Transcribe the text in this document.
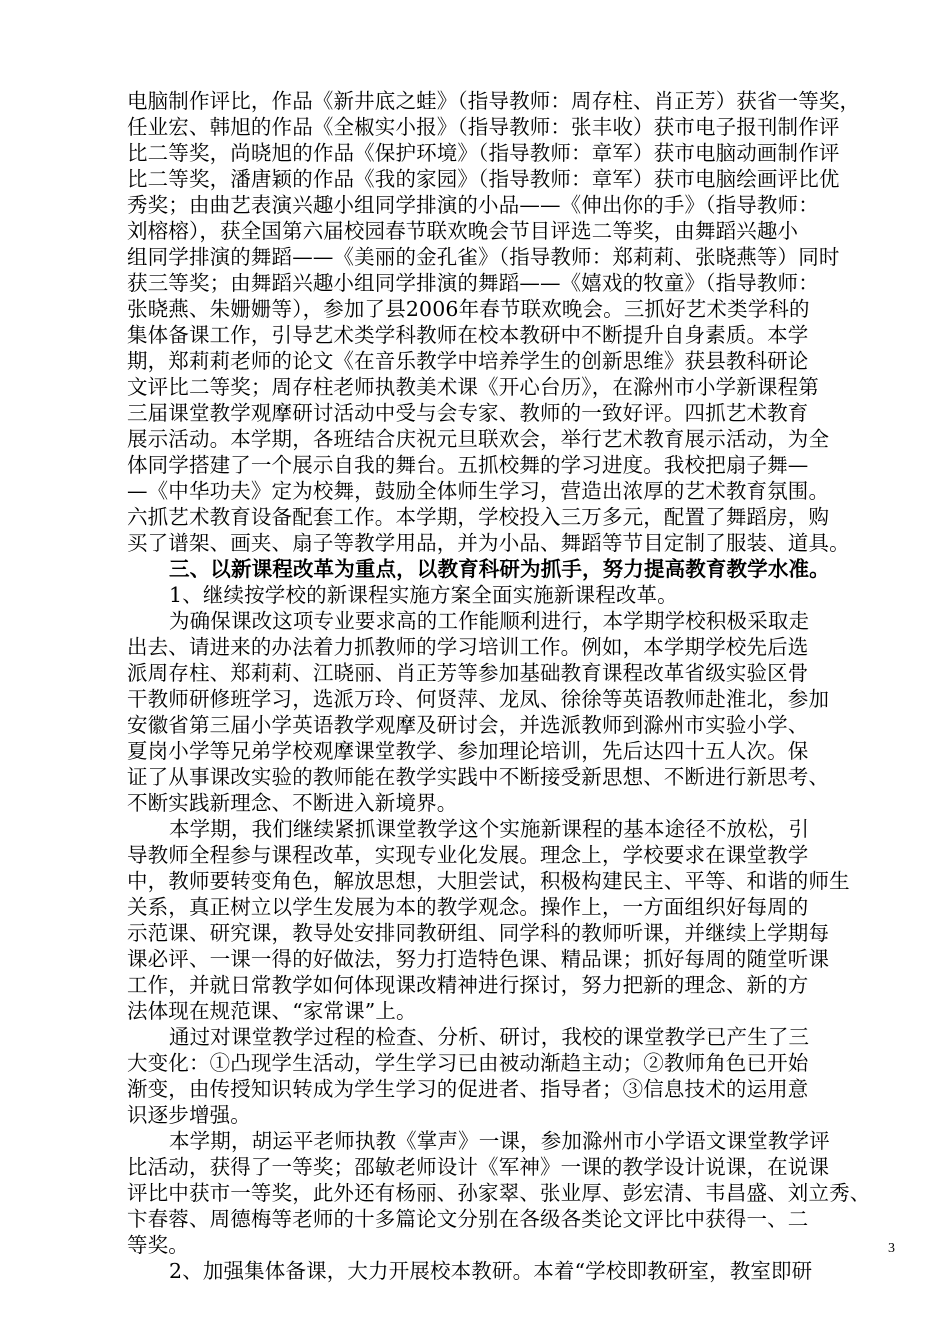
电脑制作评比，作品《新井底之蛙》（指导教师：周存柱、肖正芳）获省一等奖，
任业宏、韩旭的作品《全椒实小报》（指导教师：张丰收）获市电子报刊制作评
比二等奖，尚晓旭的作品《保护环境》（指导教师：章军）获市电脑动画制作评
比二等奖，潘唐颖的作品《我的家园》（指导教师：章军）获市电脑绘画评比优
秀奖；由曲艺表演兴趣小组同学排演的小品——《伸出你的手》（指导教师：
刘榕榕），获全国第六届校园春节联欢晚会节目评选二等奖，由舞蹈兴趣小
组同学排演的舞蹈——《美丽的金孔雀》（指导教师：郑莉莉、张晓燕等）同时
获三等奖；由舞蹈兴趣小组同学排演的舞蹈——《嬉戏的牧童》（指导教师：
张晓燕、朱姗姗等），参加了县2006年春节联欢晚会。三抓好艺术类学科的
集体备课工作，引导艺术类学科教师在校本教研中不断提升自身素质。本学
期，郑莉莉老师的论文《在音乐教学中培养学生的创新思维》获县教科研论
文评比二等奖；周存柱老师执教美术课《开心台历》，在滁州市小学新课程第
三届课堂教学观摩研讨活动中受与会专家、教师的一致好评。四抓艺术教育
展示活动。本学期，各班结合庆祝元旦联欢会，举行艺术教育展示活动，为全
体同学搭建了一个展示自我的舞台。五抓校舞的学习进度。我校把扇子舞—
—《中华功夫》定为校舞，鼓励全体师生学习，营造出浓厚的艺术教育氛围。
六抓艺术教育设备配套工作。本学期，学校投入三万多元，配置了舞蹈房，购
买了谱架、画夹、扇子等教学用品，并为小品、舞蹈等节目定制了服装、道具。
三、以新课程改革为重点，以教育科研为抓手，努力提高教育教学水准。
1、继续按学校的新课程实施方案全面实施新课程改革。
为确保课改这项专业要求高的工作能顺利进行，本学期学校积极采取走
出去、请进来的办法着力抓教师的学习培训工作。例如，本学期学校先后选
派周存柱、郑莉莉、江晓丽、肖正芳等参加基础教育课程改革省级实验区骨
干教师研修班学习，选派万玲、何贤萍、龙凤、徐徐等英语教师赴淮北，参加
安徽省第三届小学英语教学观摩及研讨会，并选派教师到滁州市实验小学、
夏岗小学等兄弟学校观摩课堂教学、参加理论培训，先后达四十五人次。保
证了从事课改实验的教师能在教学实践中不断接受新思想、不断进行新思考、
不断实践新理念、不断进入新境界。
本学期，我们继续紧抓课堂教学这个实施新课程的基本途径不放松，引
导教师全程参与课程改革，实现专业化发展。理念上，学校要求在课堂教学
中，教师要转变角色，解放思想，大胆尝试，积极构建民主、平等、和谐的师生
关系，真正树立以学生发展为本的教学观念。操作上，一方面组织好每周的
示范课、研究课，教导处安排同教研组、同学科的教师听课，并继续上学期每
课必评、一课一得的好做法，努力打造特色课、精品课；抓好每周的随堂听课
工作，并就日常教学如何体现课改精神进行探讨，努力把新的理念、新的方
法体现在规范课、“家常课”上。
通过对课堂教学过程的检查、分析、研讨，我校的课堂教学已产生了三
大变化：①凸现学生活动，学生学习已由被动渐趋主动；②教师角色已开始
渐变，由传授知识转成为学生学习的促进者、指导者；③信息技术的运用意
识逐步增强。
本学期，胡运平老师执教《掌声》一课，参加滁州市小学语文课堂教学评
比活动，获得了一等奖；邵敏老师设计《军神》一课的教学设计说课，在说课
评比中获市一等奖，此外还有杨丽、孙家翠、张业厚、彭宏清、韦昌盛、刘立秀、
卞春蓉、周德梅等老师的十多篇论文分别在各级各类论文评比中获得一、二
等奖。
2、加强集体备课，大力开展校本教研。本着“学校即教研室，教室即研
3
